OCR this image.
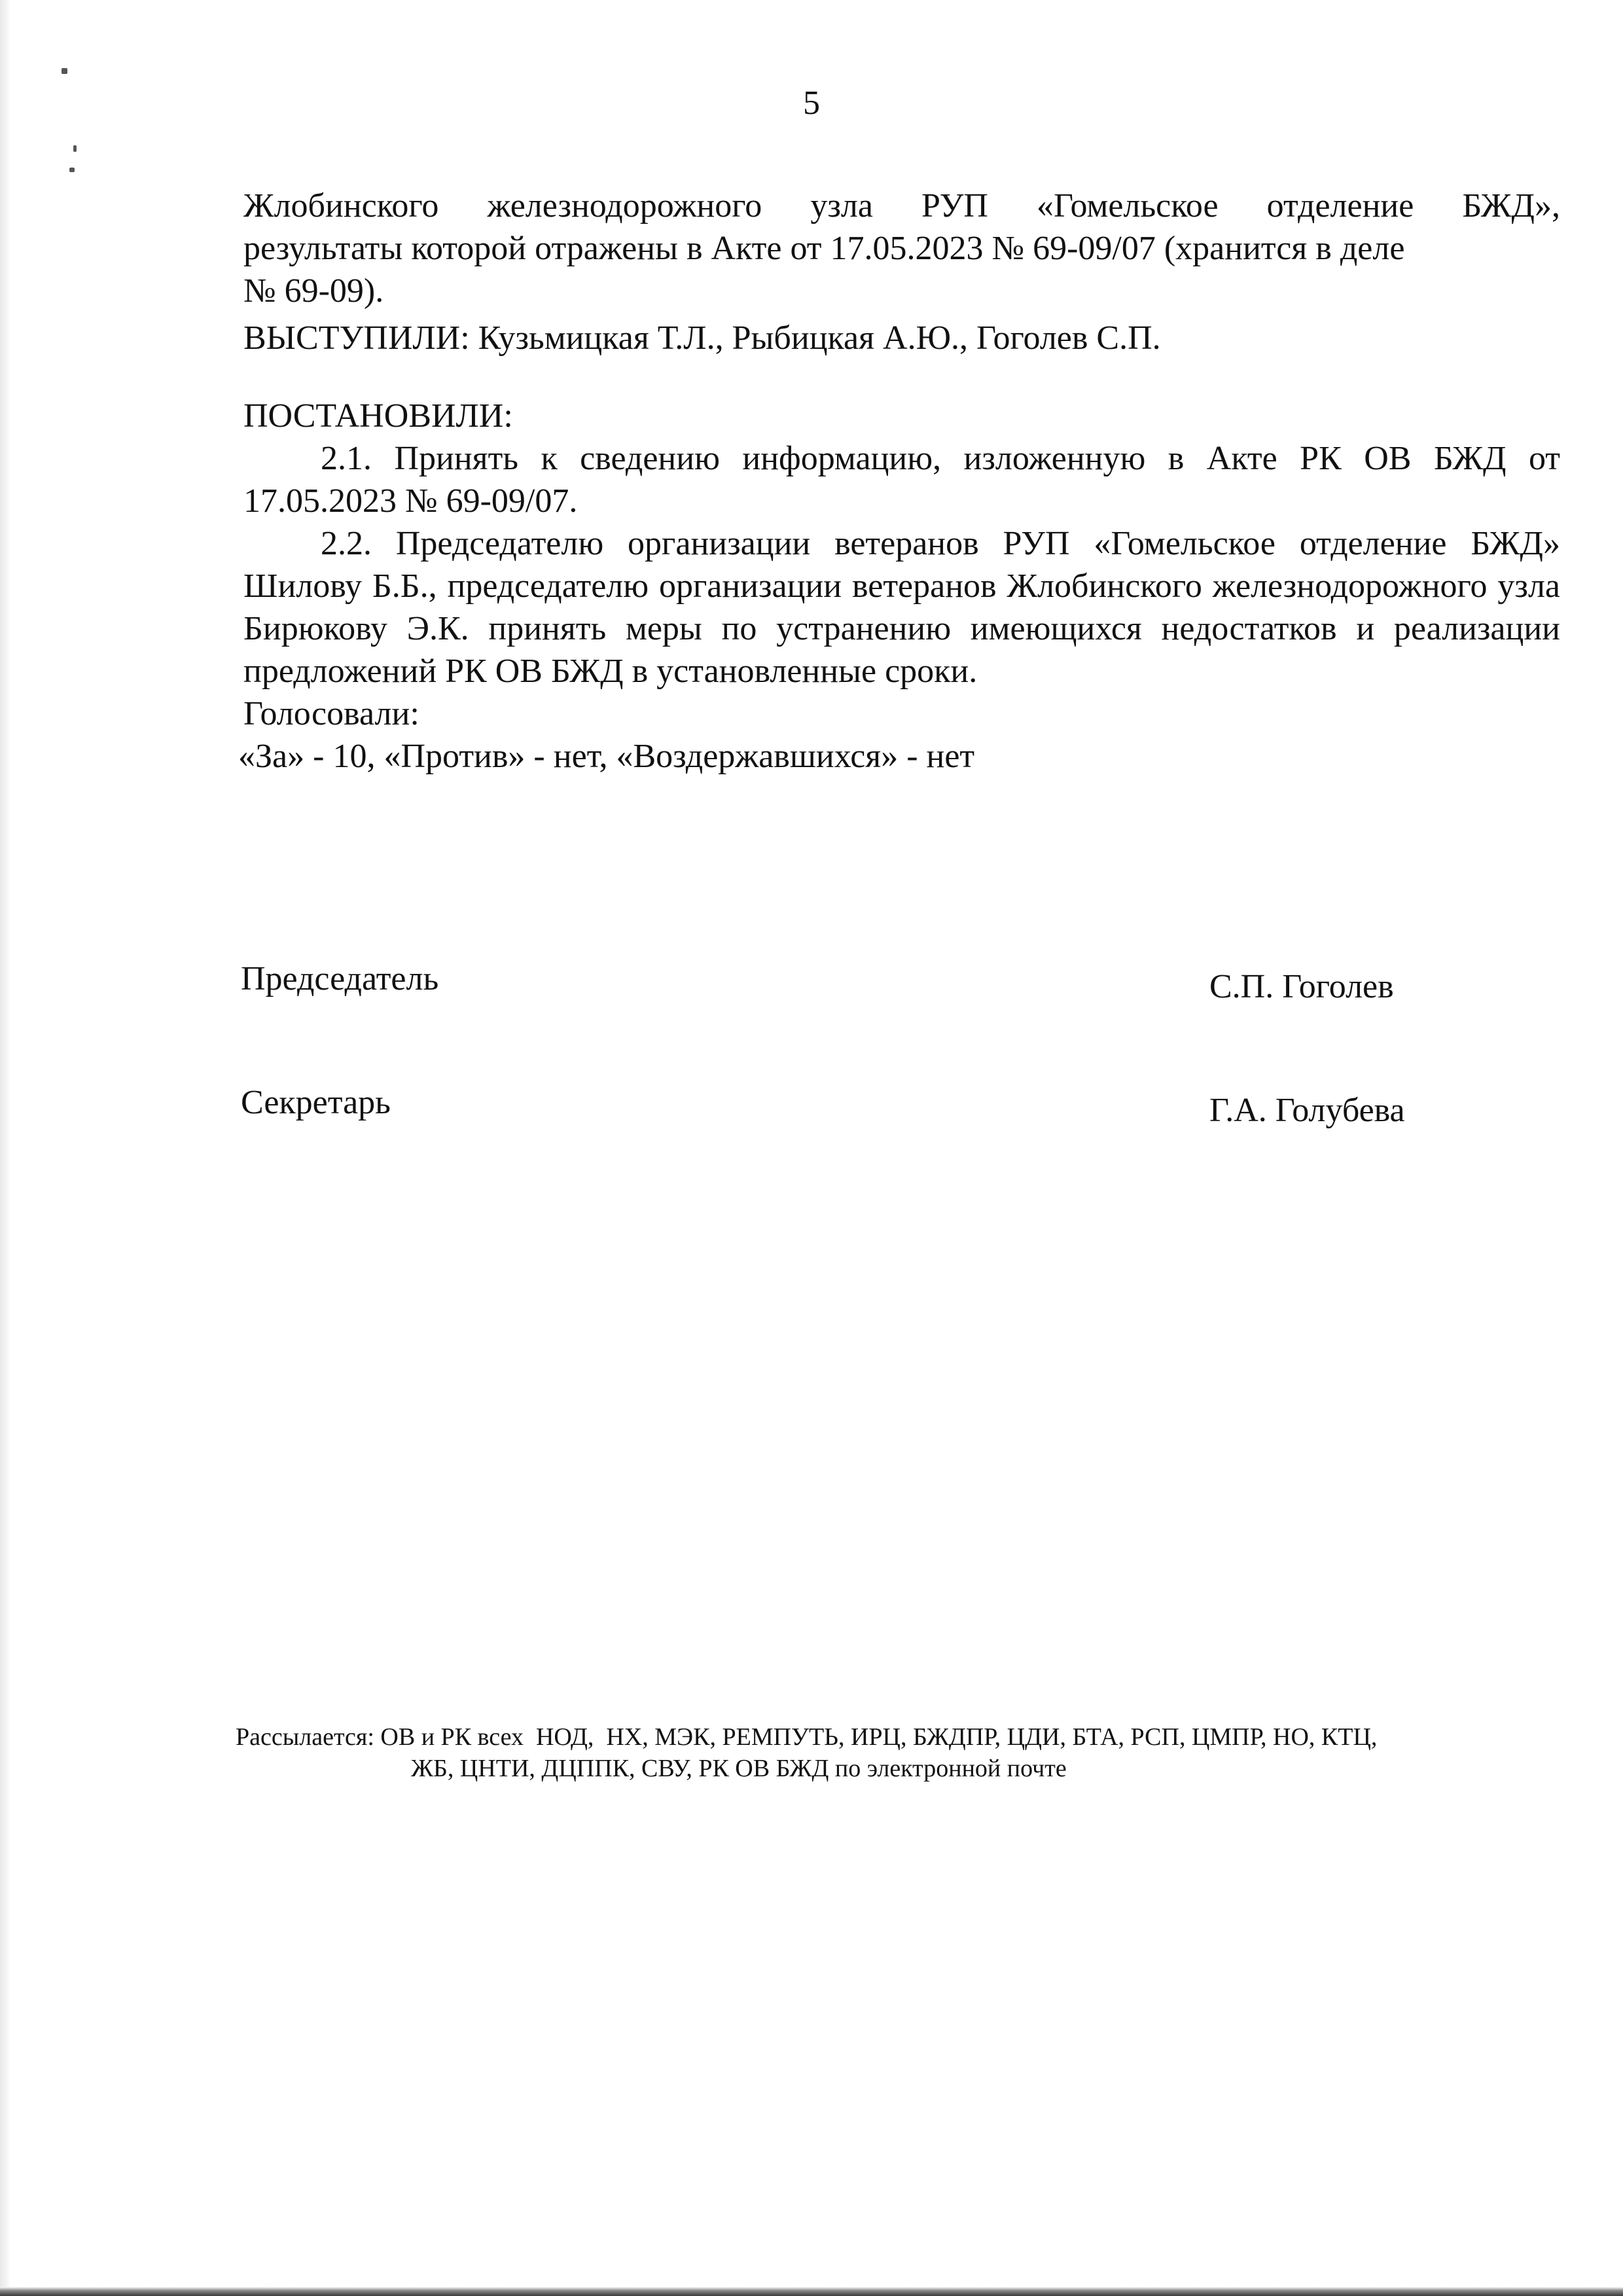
5
Жлобинского железнодорожного узла РУП «Гомельское отделение БЖД»,
результаты которой отражены в Акте от 17.05.2023 № 69-09/07 (хранится в деле
№ 69-09).
ВЫСТУПИЛИ: Кузьмицкая Т.Л., Рыбицкая А.Ю., Гоголев С.П.
ПОСТАНОВИЛИ:
2.1. Принять к сведению информацию, изложенную в Акте РК ОВ БЖД от 17.05.2023 № 69-09/07.
2.2. Председателю организации ветеранов РУП «Гомельское отделение БЖД» Шилову Б.Б., председателю организации ветеранов Жлобинского железнодорожного узла Бирюкову Э.К. принять меры по устранению имеющихся недостатков и реализации предложений РК ОВ БЖД в установленные сроки.
Голосовали:
«За» - 10, «Против» - нет, «Воздержавшихся» - нет
Председатель	С.П. Гоголев
Секретарь	Г.А. Голубева
Рассылается: ОВ и РК всех  НОД,  НХ, МЭК, РЕМПУТЬ, ИРЦ, БЖДПР, ЦДИ, БТА, РСП, ЦМПР, НО, КТЦ,
ЖБ, ЦНТИ, ДЦППК, СВУ, РК ОВ БЖД по электронной почте
